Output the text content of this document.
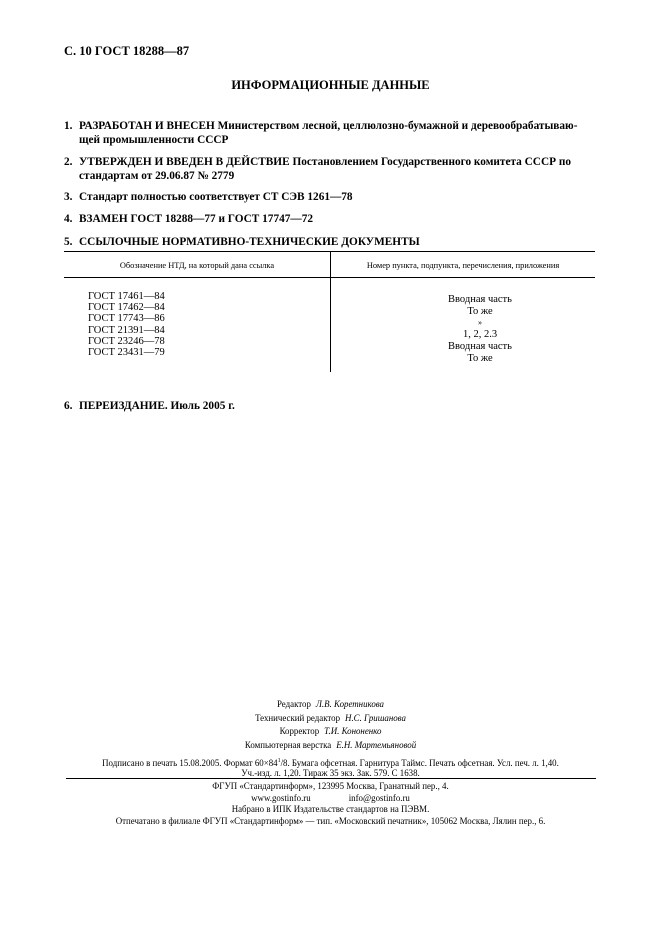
С. 10 ГОСТ 18288—87
ИНФОРМАЦИОННЫЕ ДАННЫЕ
1. РАЗРАБОТАН И ВНЕСЕН Министерством лесной, целлюлозно-бумажной и деревообрабатываю-
щей промышленности СССР
2. УТВЕРЖДЕН И ВВЕДЕН В ДЕЙСТВИЕ Постановлением Государственного комитета СССР по
стандартам от 29.06.87 № 2779
3. Стандарт полностью соответствует СТ СЭВ 1261—78
4. ВЗАМЕН ГОСТ 18288—77 и ГОСТ 17747—72
5. ССЫЛОЧНЫЕ НОРМАТИВНО-ТЕХНИЧЕСКИЕ ДОКУМЕНТЫ
Обозначение НТД, на который дана ссылка	Номер пункта, подпункта, перечисления, приложения
ГОСТ 17461—84
ГОСТ 17462—84
ГОСТ 17743—86
ГОСТ 21391—84
ГОСТ 23246—78
ГОСТ 23431—79
Вводная часть
То же
»
1, 2, 2.3
Вводная часть
То же
6. ПЕРЕИЗДАНИЕ. Июль 2005 г.
Редактор Л.В. Коретникова
Технический редактор Н.С. Гришанова
Корректор Т.И. Кононенко
Компьютерная верстка Е.Н. Мартемьяновой
Подписано в печать 15.08.2005. Формат $60\times 84^1/8$. Бумага офсетная. Гарнитура Таймс. Печать офсетная. Усл. печ. л. 1,40.
Уч.-изд. л. 1,20. Тираж 35 экз. Зак. 579. С 1638.
ФГУП «Стандартинформ», 123995 Москва, Гранатный пер., 4.
www.gostinfo.ru	info@gostinfo.ru
Набрано в ИПК Издательстве стандартов на ПЭВМ.
Отпечатано в филиале ФГУП «Стандартинформ» — тип. «Московский печатник», 105062 Москва, Лялин пер., 6.
